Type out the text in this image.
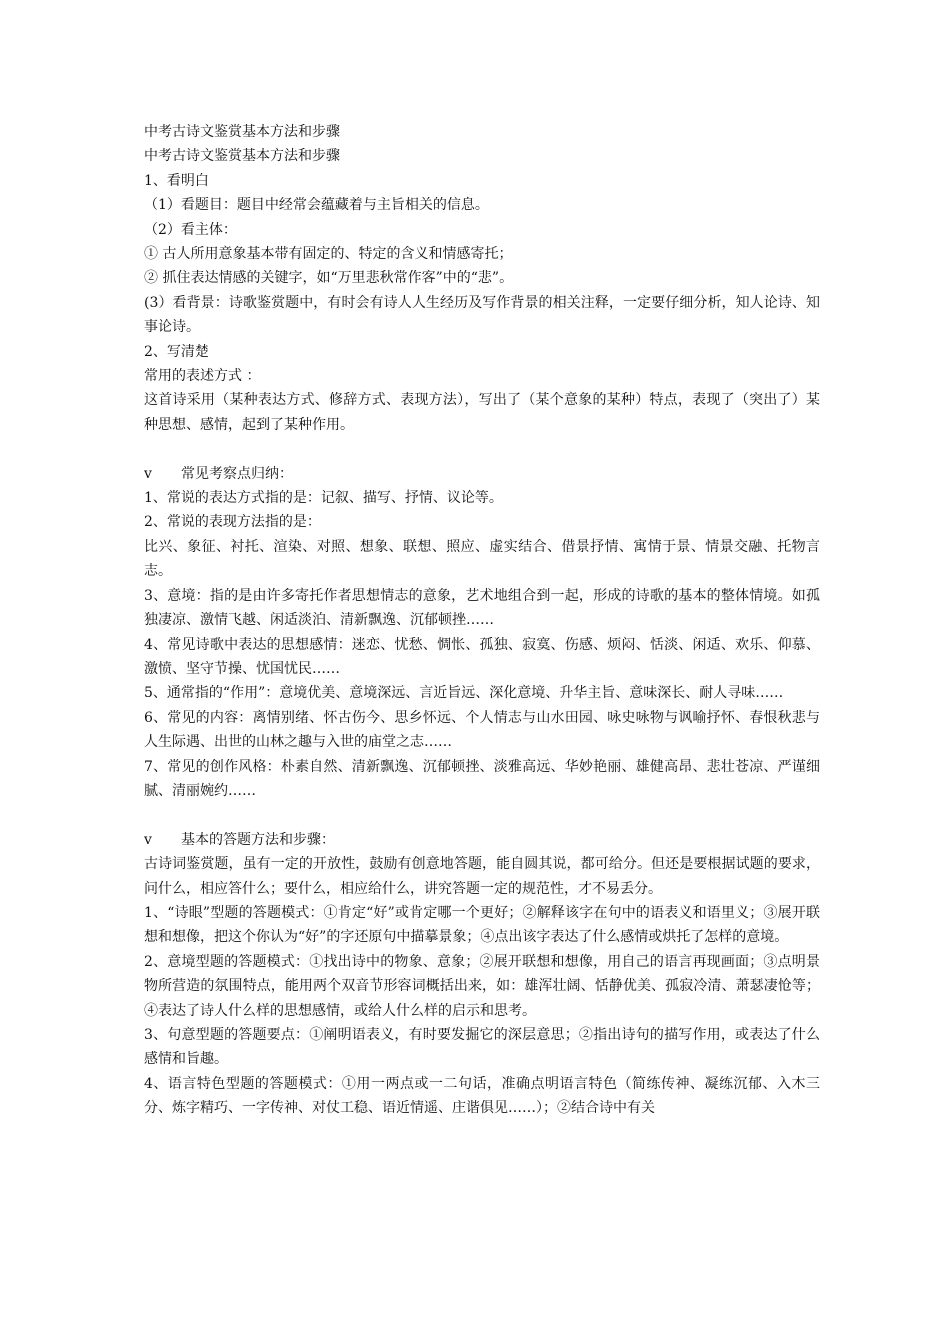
中考古诗文鉴赏基本方法和步骤

中考古诗文鉴赏基本方法和步骤

1、看明白

（1）看题目：题目中经常会蕴藏着与主旨相关的信息。

（2）看主体：

① 古人所用意象基本带有固定的、特定的含义和情感寄托；

② 抓住表达情感的关键字，如“万里悲秋常作客”中的“悲”。

(3）看背景：诗歌鉴赏题中，有时会有诗人人生经历及写作背景的相关注释，一定要仔细分析，知人论诗、知事论诗。

2、写清楚

常用的表述方式 ：

这首诗采用（某种表达方式、修辞方式、表现方法），写出了（某个意象的某种）特点，表现了（突出了）某种思想、感情，起到了某种作用。

v	常见考察点归纳：

1、常说的表达方式指的是：记叙、描写、抒情、议论等。

2、常说的表现方法指的是：

比兴、象征、衬托、渲染、对照、想象、联想、照应、虚实结合、借景抒情、寓情于景、情景交融、托物言志。

3、意境：指的是由许多寄托作者思想情志的意象，艺术地组合到一起，形成的诗歌的基本的整体情境。如孤独凄凉、激情飞越、闲适淡泊、清新飘逸、沉郁顿挫……

4、常见诗歌中表达的思想感情：迷恋、忧愁、惆怅、孤独、寂寞、伤感、烦闷、恬淡、闲适、欢乐、仰慕、激愤、坚守节操、忧国忧民……

5、通常指的“作用”：意境优美、意境深远、言近旨远、深化意境、升华主旨、意味深长、耐人寻味……

6、常见的内容：离情别绪、怀古伤今、思乡怀远、个人情志与山水田园、咏史咏物与讽喻抒怀、春恨秋悲与人生际遇、出世的山林之趣与入世的庙堂之志……

7、常见的创作风格：朴素自然、清新飘逸、沉郁顿挫、淡雅高远、华妙艳丽、雄健高昂、悲壮苍凉、严谨细腻、清丽婉约……

v	基本的答题方法和步骤：

古诗词鉴赏题，虽有一定的开放性，鼓励有创意地答题，能自圆其说，都可给分。但还是要根据试题的要求，问什么，相应答什么；要什么，相应给什么，讲究答题一定的规范性，才不易丢分。

1、“诗眼”型题的答题模式：①肯定“好”或肯定哪一个更好；②解释该字在句中的语表义和语里义；③展开联想和想像，把这个你认为“好”的字还原句中描摹景象；④点出该字表达了什么感情或烘托了怎样的意境。

2、意境型题的答题模式：①找出诗中的物象、意象；②展开联想和想像，用自己的语言再现画面；③点明景物所营造的氛围特点，能用两个双音节形容词概括出来，如：雄浑壮阔、恬静优美、孤寂冷清、萧瑟凄怆等；④表达了诗人什么样的思想感情，或给人什么样的启示和思考。

3、句意型题的答题要点：①阐明语表义，有时要发掘它的深层意思；②指出诗句的描写作用，或表达了什么感情和旨趣。

4、语言特色型题的答题模式：①用一两点或一二句话，准确点明语言特色（简练传神、凝练沉郁、入木三分、炼字精巧、一字传神、对仗工稳、语近情遥、庄谐俱见……）；②结合诗中有关
